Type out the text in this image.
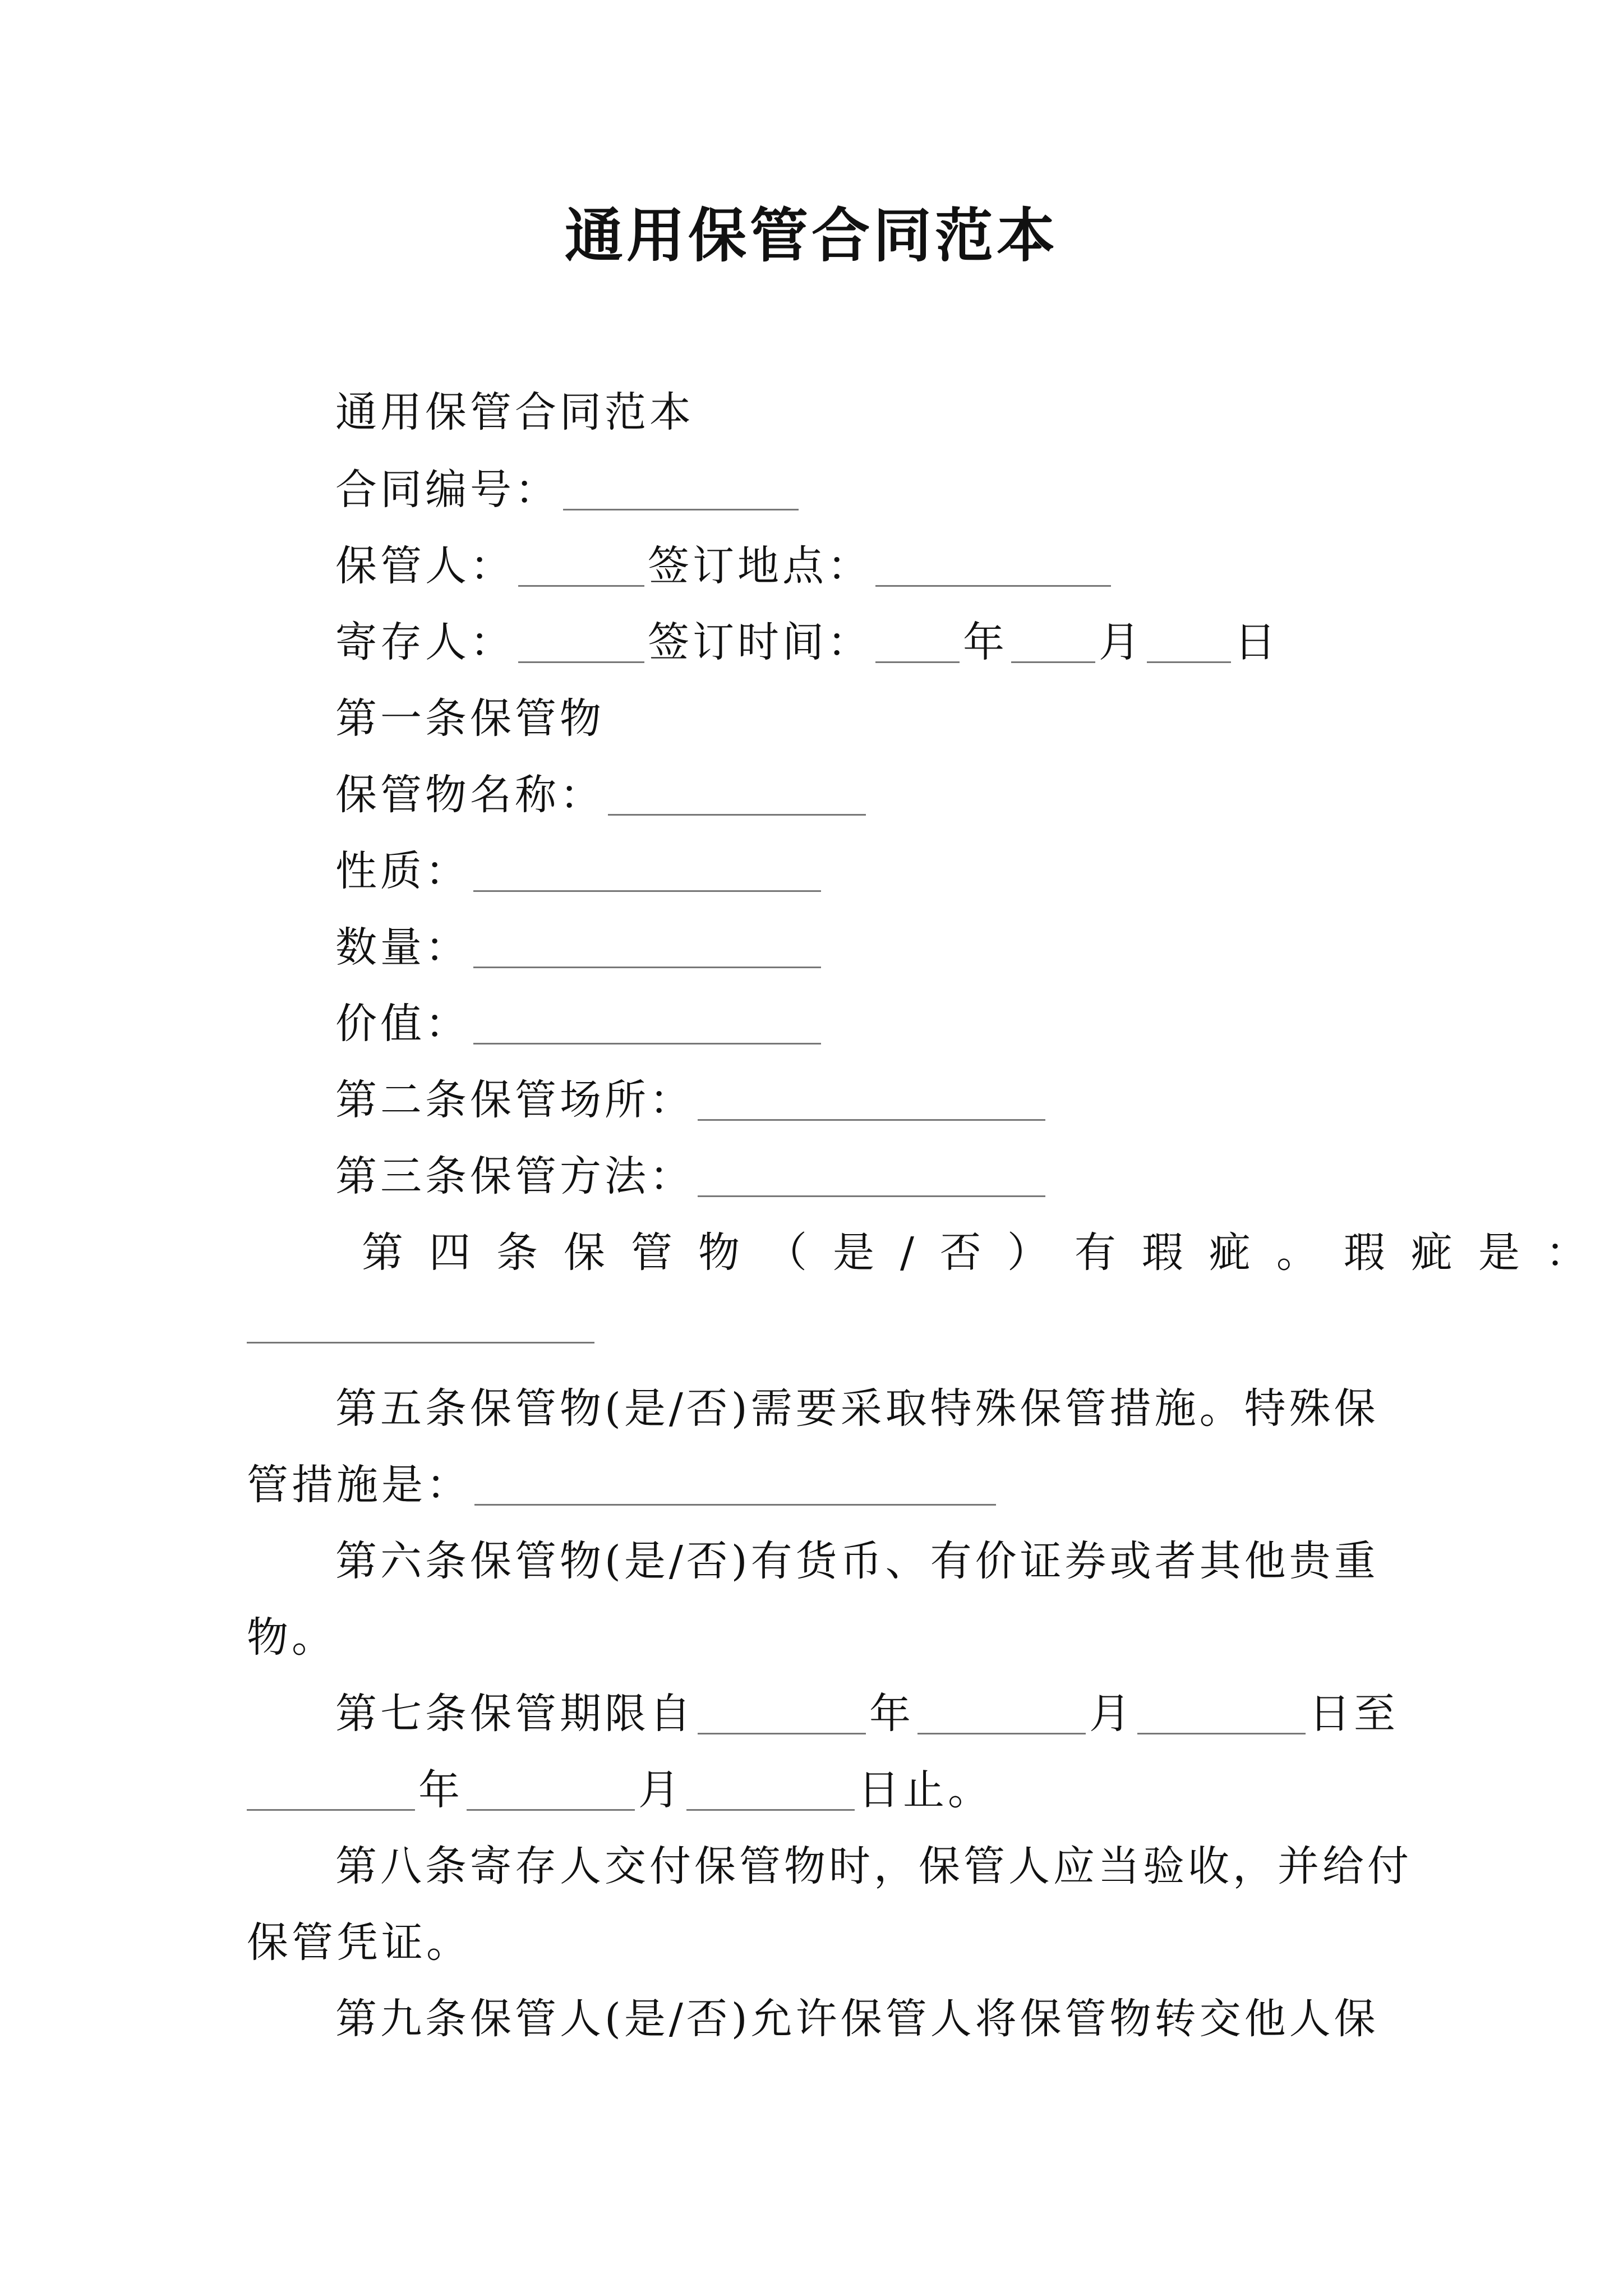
通用保管合同范本
通用保管合同范本
合同编号：
保管人：	签订地点：
寄存人：	签订时间： 年 月 日
第一条保管物
保管物名称：
性质：
数量：
价值：
第二条保管场所：
第三条保管方法：
第四条保管物（是/否）有瑕疵。瑕疵是：
第五条保管物(是/否)需要采取特殊保管措施。特殊保
管措施是：
第六条保管物(是/否)有货币、有价证券或者其他贵重
物。
第七条保管期限自	年	月	日至
年	月	日止。
第八条寄存人交付保管物时，保管人应当验收，并给付
保管凭证。
第九条保管人(是/否)允许保管人将保管物转交他人保
